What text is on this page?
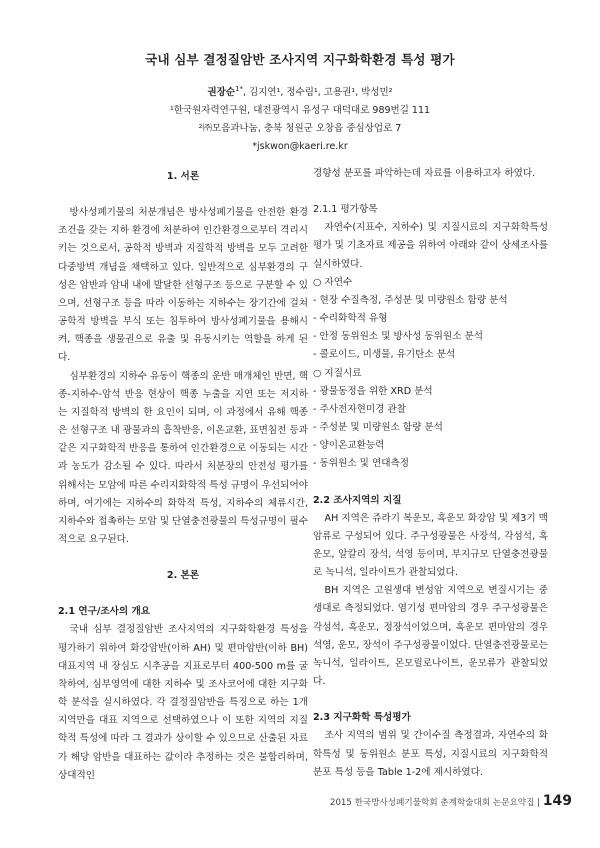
국내 심부 결정질암반 조사지역 지구화학환경 특성 평가
권장순$^{1*}$, 김지연¹, 정수림¹, 고용권¹, 박성민²
¹한국원자력연구원, 대전광역시 유성구 대덕대로 989번길 111
²㈜모음과나눔, 충북 청원군 오창읍 중심상업로 7
*jskwon@kaeri.re.kr

1. 서론

방사성폐기물의 처분개념은 방사성폐기물을 안전한 환경조건을 갖는 지하 환경에 처분하여 인간환경으로부터 격리시키는 것으로서, 공학적 방벽과 지질학적 방벽을 모두 고려한 다중방벽 개념을 채택하고 있다. 일반적으로 심부환경의 구성은 암반과 암내 내에 발달한 선형구조 등으로 구분할 수 있으며, 선형구조 등을 따라 이동하는 지하수는 장기간에 걸쳐 공학적 방벽을 부식 또는 침투하여 방사성폐기물을 용해시켜, 핵종을 생물권으로 유출 및 유동시키는 역할을 하게 된다.

심부환경의 지하수 유동이 핵종의 운반 매개체인 반면, 핵종-지하수-암석 반응 현상이 핵종 누출을 지연 또는 저지하는 지질학적 방벽의 한 요인이 되며, 이 과정에서 유해 핵종은 선형구조 내 광물과의 흡착반응, 이온교환, 표면침전 등과 같은 지구화학적 반응을 통하여 인간환경으로 이동되는 시간과 농도가 감소될 수 있다. 따라서 처분장의 안전성 평가를 위해서는 모암에 따른 수리지화학적 특성 규명이 우선되어야 하며, 여기에는 지하수의 화학적 특성, 지하수의 체류시간, 지하수와 접촉하는 모암 및 단열충전광물의 특성규명이 필수적으로 요구된다.

2. 본론

2.1 연구/조사의 개요

국내 심부 결정질암반 조사지역의 지구화학환경 특성을 평가하기 위하여 화강암반(이하 AH) 및 편마암반(이하 BH) 대표지역 내 장심도 시추공을 지표로부터 400-500 m를 굴착하여, 심부영역에 대한 지하수 및 조사코어에 대한 지구화학 분석을 실시하였다. 각 결정질암반을 특징으로 하는 1개 지역만을 대표 지역으로 선택하였으나 이 또한 지역의 지질학적 특성에 따라 그 결과가 상이할 수 있으므로 산출된 자료가 해당 암반을 대표하는 값이라 추정하는 것은 불합리하며, 상대적인

경향성 분포를 파악하는데 자료를 이용하고자 하였다.

2.1.1 평가항목

자연수(지표수, 지하수) 및 지질시료의 지구화학특성평가 및 기초자료 제공을 위하여 아래와 같이 상세조사를 실시하였다.

○ 자연수

- 현장 수질측정, 주성분 및 미량원소 함량 분석

- 수리화학적 유형

- 안정 동위원소 및 방사성 동위원소 분석

- 콜로이드, 미생물, 유기탄소 분석

○ 지질시료

- 광물동정을 위한 XRD 분석

- 주사전자현미경 관찰

- 주성분 및 미량원소 함량 분석

- 양이온교환능력

- 동위원소 및 연대측정

2.2 조사지역의 지질

AH 지역은 쥬라기 복운모, 흑운모 화강암 및 제3기 맥암류로 구성되어 있다. 주구성광물은 사장석, 각섬석, 흑운모, 알칼리 장석, 석영 등이며, 부지규모 단열충전광물로 녹니석, 일라이트가 관찰되었다.

BH 지역은 고원생대 변성암 지역으로 변질시기는 중생대로 측정되었다. 염기성 편마암의 경우 주구성광물은 각섬석, 흑운모, 정장석이었으며, 흑운모 편마암의 경우 석영, 운모, 장석이 주구성광물이었다. 단열충전광물로는 녹니석, 일라이트, 몬모릴로나이트, 운모류가 관찰되었다.

2.3 지구화학 특성평가

조사 지역의 범위 및 간이수질 측정결과, 자연수의 화학특성 및 동위원소 분포 특성, 지질시료의 지구화학적 분포 특성 등을 Table 1-2에 제시하였다.

2015 한국방사성폐기물학회 춘계학술대회 논문요약집 | 149
